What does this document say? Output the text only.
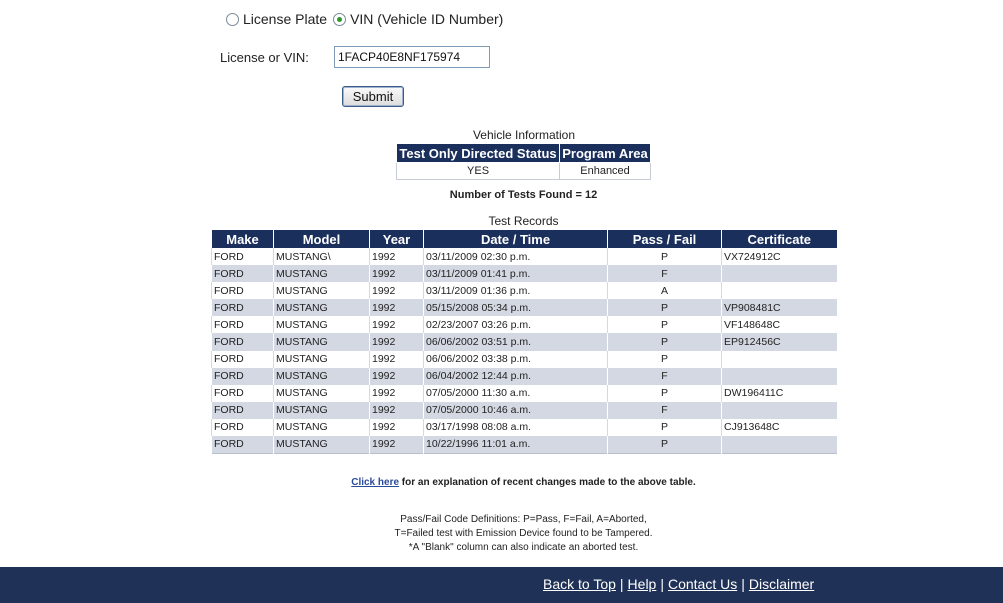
License Plate VIN (Vehicle ID Number)
License or VIN:
1FACP40E8NF175974
Submit
Vehicle Information
Test Only Directed Status	Program Area
YES	Enhanced
Number of Tests Found = 12
Test Records
Make	Model	Year	Date / Time	Pass / Fail	Certificate
FORD	MUSTANG\	1992	03/11/2009 02:30 p.m.	P	VX724912C
FORD	MUSTANG	1992	03/11/2009 01:41 p.m.	F	
FORD	MUSTANG	1992	03/11/2009 01:36 p.m.	A	
FORD	MUSTANG	1992	05/15/2008 05:34 p.m.	P	VP908481C
FORD	MUSTANG	1992	02/23/2007 03:26 p.m.	P	VF148648C
FORD	MUSTANG	1992	06/06/2002 03:51 p.m.	P	EP912456C
FORD	MUSTANG	1992	06/06/2002 03:38 p.m.	P	
FORD	MUSTANG	1992	06/04/2002 12:44 p.m.	F	
FORD	MUSTANG	1992	07/05/2000 11:30 a.m.	P	DW196411C
FORD	MUSTANG	1992	07/05/2000 10:46 a.m.	F	
FORD	MUSTANG	1992	03/17/1998 08:08 a.m.	P	CJ913648C
FORD	MUSTANG	1992	10/22/1996 11:01 a.m.	P	
Click here for an explanation of recent changes made to the above table.
Pass/Fail Code Definitions: P=Pass, F=Fail, A=Aborted,
T=Failed test with Emission Device found to be Tampered.
*A "Blank" column can also indicate an aborted test.
Back to Top | Help | Contact Us | Disclaimer
